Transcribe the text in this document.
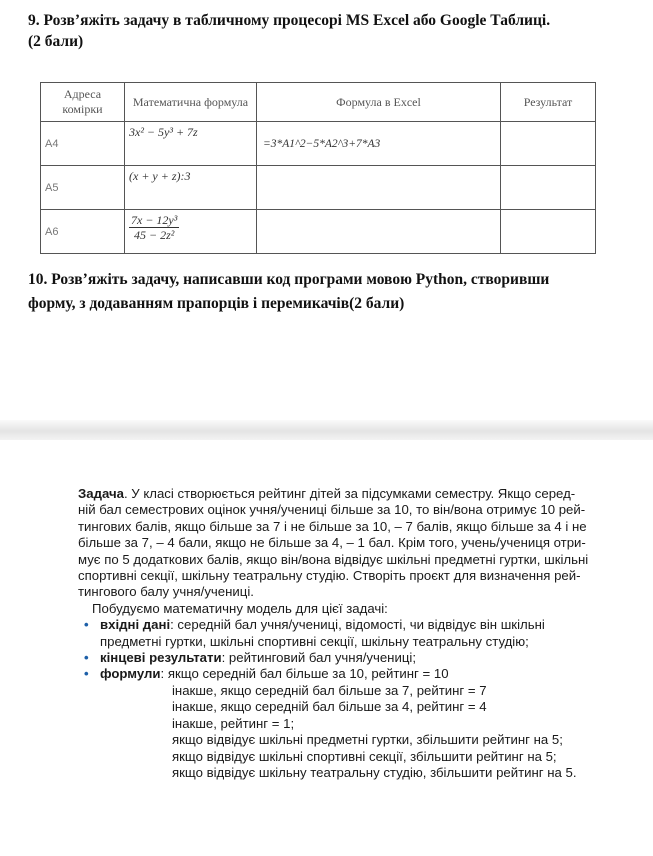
9. Розв’яжіть задачу в табличному процесорі MS Excel або Google Таблиці.
(2 бали)
Адреса комірки	Математична формула	Формула в Excel	Результат
A4	3x² − 5y³ + 7z	=3*A1^2−5*A2^3+7*A3	
A5	(x + y + z):3		
A6	$\frac{\text{7x − 12y³}}{\text{45 − 2z²}}$

10. Розв’яжіть задачу, написавши код програми мовою Python, створивши
форму, з додаванням прапорців і перемикачів(2 бали)
Задача. У класі створюється рейтинг дітей за підсумками семестру. Якщо серед-
ній бал семестрових оцінок учня/учениці більше за 10, то він/вона отримує 10 рей-
тингових балів, якщо більше за 7 і не більше за 10, – 7 балів, якщо більше за 4 і не
більше за 7, – 4 бали, якщо не більше за 4, – 1 бал. Крім того, учень/учениця отри-
мує по 5 додаткових балів, якщо він/вона відвідує шкільні предметні гуртки, шкільні
спортивні секції, шкільну театральну студію. Створіть проєкт для визначення рей-
тингового балу учня/учениці.
Побудуємо математичну модель для цієї задачі:
• вхідні дані: середній бал учня/учениці, відомості, чи відвідує він шкільні
предметні гуртки, шкільні спортивні секції, шкільну театральну студію;
• кінцеві результати: рейтинговий бал учня/учениці;
• формули: якщо середній бал більше за 10, рейтинг = 10
інакше, якщо середній бал більше за 7, рейтинг = 7
інакше, якщо середній бал більше за 4, рейтинг = 4
інакше, рейтинг = 1;
якщо відвідує шкільні предметні гуртки, збільшити рейтинг на 5;
якщо відвідує шкільні спортивні секції, збільшити рейтинг на 5;
якщо відвідує шкільну театральну студію, збільшити рейтинг на 5.
